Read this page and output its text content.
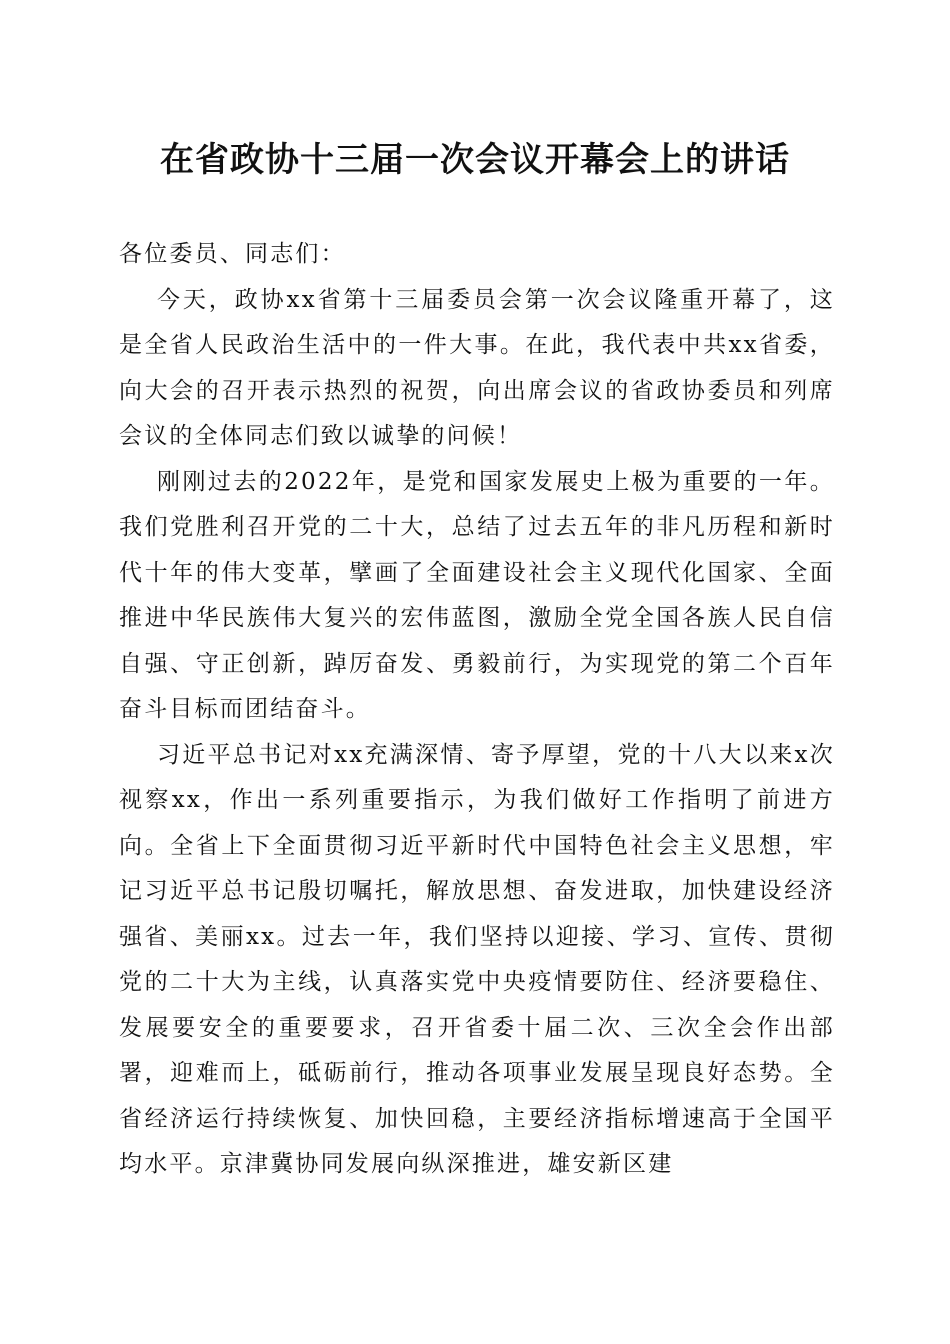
在省政协十三届一次会议开幕会上的讲话

各位委员、同志们：

今天，政协xx省第十三届委员会第一次会议隆重开幕了，这是全省人民政治生活中的一件大事。在此，我代表中共xx省委，向大会的召开表示热烈的祝贺，向出席会议的省政协委员和列席会议的全体同志们致以诚挚的问候！

刚刚过去的2022年，是党和国家发展史上极为重要的一年。我们党胜利召开党的二十大，总结了过去五年的非凡历程和新时代十年的伟大变革，擘画了全面建设社会主义现代化国家、全面推进中华民族伟大复兴的宏伟蓝图，激励全党全国各族人民自信自强、守正创新，踔厉奋发、勇毅前行，为实现党的第二个百年奋斗目标而团结奋斗。

习近平总书记对xx充满深情、寄予厚望，党的十八大以来x次视察xx，作出一系列重要指示，为我们做好工作指明了前进方向。全省上下全面贯彻习近平新时代中国特色社会主义思想，牢记习近平总书记殷切嘱托，解放思想、奋发进取，加快建设经济强省、美丽xx。过去一年，我们坚持以迎接、学习、宣传、贯彻党的二十大为主线，认真落实党中央疫情要防住、经济要稳住、发展要安全的重要要求，召开省委十届二次、三次全会作出部署，迎难而上，砥砺前行，推动各项事业发展呈现良好态势。全省经济运行持续恢复、加快回稳，主要经济指标增速高于全国平均水平。京津冀协同发展向纵深推进，雄安新区建
